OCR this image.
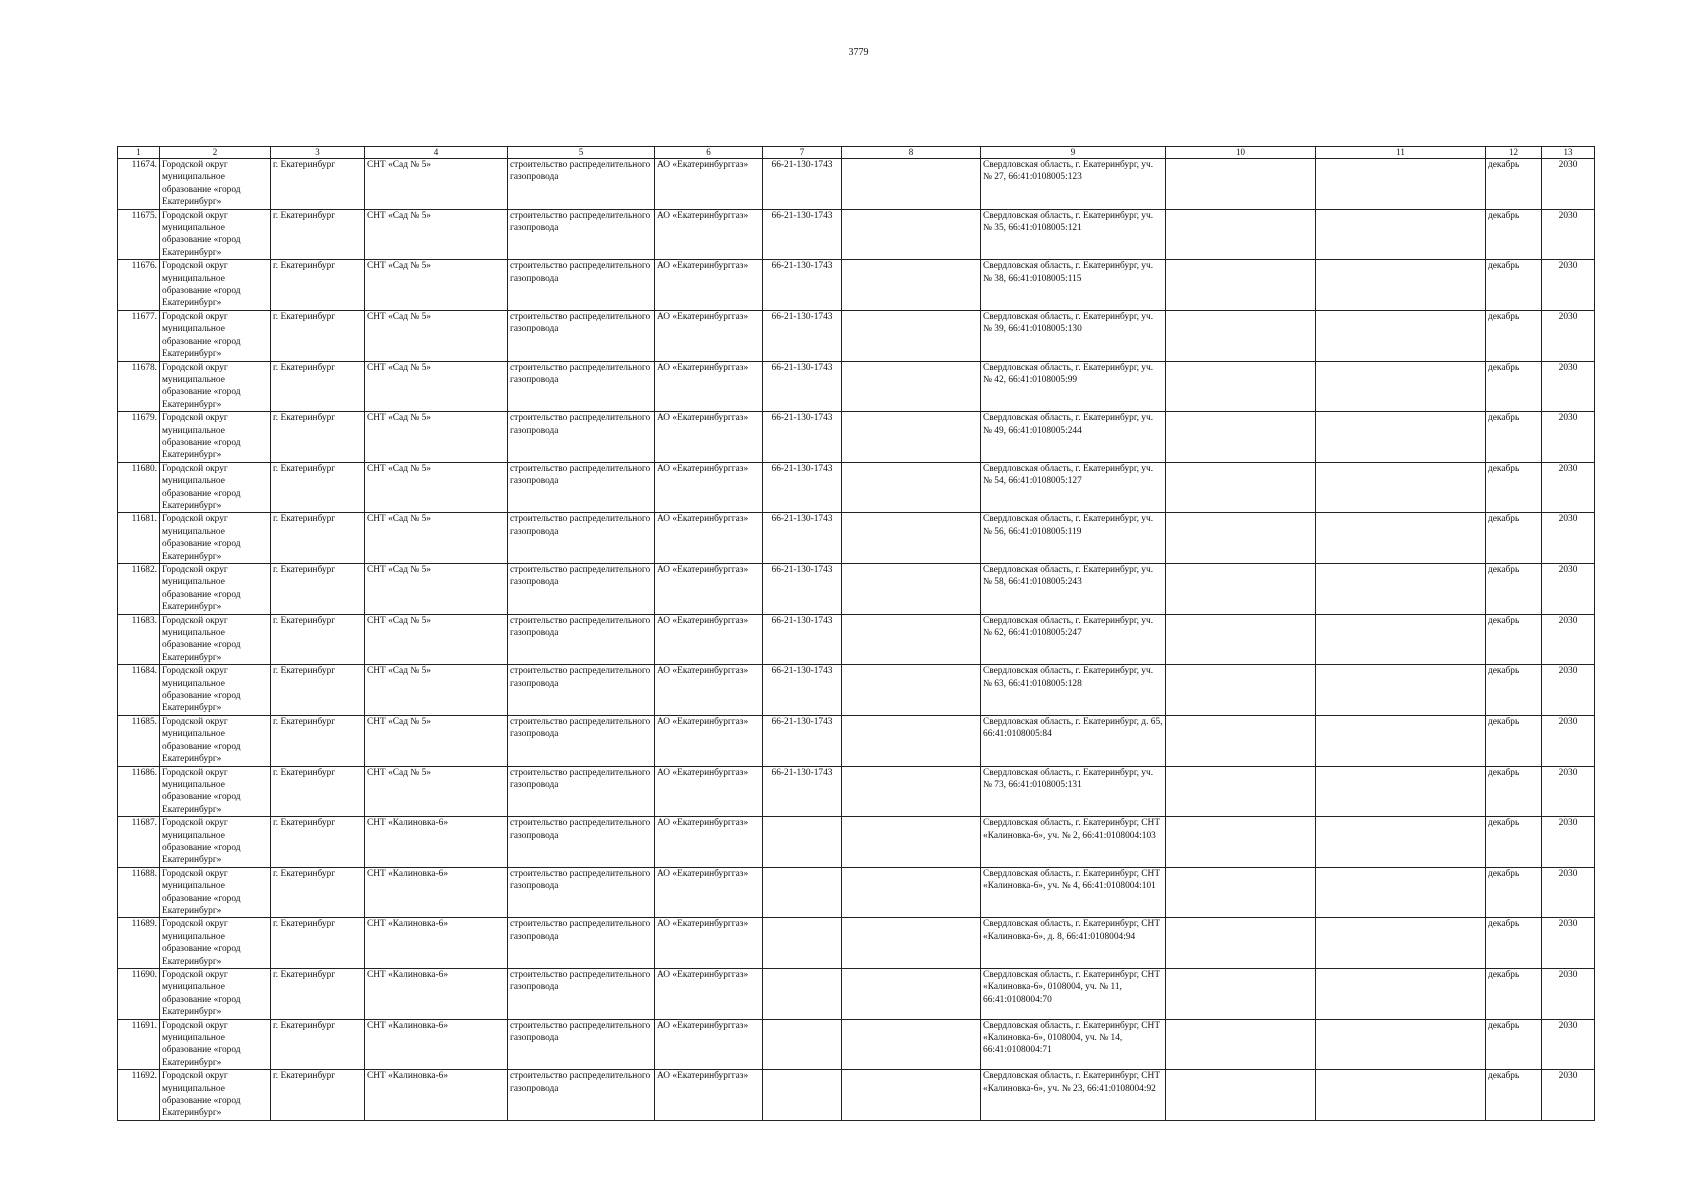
3779
1	2	3	4	5	6	7	8	9	10	11	12	13
11674.	Городской округ муниципальное образование «город Екатеринбург»	г. Екатеринбург	СНТ «Сад № 5»	строительство распределительного газопровода	АО «Екатеринбурггаз»	66-21-130-1743		Свердловская область, г. Екатеринбург, уч. № 27, 66:41:0108005:123			декабрь	2030
11675.	Городской округ муниципальное образование «город Екатеринбург»	г. Екатеринбург	СНТ «Сад № 5»	строительство распределительного газопровода	АО «Екатеринбурггаз»	66-21-130-1743		Свердловская область, г. Екатеринбург, уч. № 35, 66:41:0108005:121			декабрь	2030
11676.	Городской округ муниципальное образование «город Екатеринбург»	г. Екатеринбург	СНТ «Сад № 5»	строительство распределительного газопровода	АО «Екатеринбурггаз»	66-21-130-1743		Свердловская область, г. Екатеринбург, уч. № 38, 66:41:0108005:115			декабрь	2030
11677.	Городской округ муниципальное образование «город Екатеринбург»	г. Екатеринбург	СНТ «Сад № 5»	строительство распределительного газопровода	АО «Екатеринбурггаз»	66-21-130-1743		Свердловская область, г. Екатеринбург, уч. № 39, 66:41:0108005:130			декабрь	2030
11678.	Городской округ муниципальное образование «город Екатеринбург»	г. Екатеринбург	СНТ «Сад № 5»	строительство распределительного газопровода	АО «Екатеринбурггаз»	66-21-130-1743		Свердловская область, г. Екатеринбург, уч. № 42, 66:41:0108005:99			декабрь	2030
11679.	Городской округ муниципальное образование «город Екатеринбург»	г. Екатеринбург	СНТ «Сад № 5»	строительство распределительного газопровода	АО «Екатеринбурггаз»	66-21-130-1743		Свердловская область, г. Екатеринбург, уч. № 49, 66:41:0108005:244			декабрь	2030
11680.	Городской округ муниципальное образование «город Екатеринбург»	г. Екатеринбург	СНТ «Сад № 5»	строительство распределительного газопровода	АО «Екатеринбурггаз»	66-21-130-1743		Свердловская область, г. Екатеринбург, уч. № 54, 66:41:0108005:127			декабрь	2030
11681.	Городской округ муниципальное образование «город Екатеринбург»	г. Екатеринбург	СНТ «Сад № 5»	строительство распределительного газопровода	АО «Екатеринбурггаз»	66-21-130-1743		Свердловская область, г. Екатеринбург, уч. № 56, 66:41:0108005:119			декабрь	2030
11682.	Городской округ муниципальное образование «город Екатеринбург»	г. Екатеринбург	СНТ «Сад № 5»	строительство распределительного газопровода	АО «Екатеринбурггаз»	66-21-130-1743		Свердловская область, г. Екатеринбург, уч. № 58, 66:41:0108005:243			декабрь	2030
11683.	Городской округ муниципальное образование «город Екатеринбург»	г. Екатеринбург	СНТ «Сад № 5»	строительство распределительного газопровода	АО «Екатеринбурггаз»	66-21-130-1743		Свердловская область, г. Екатеринбург, уч. № 62, 66:41:0108005:247			декабрь	2030
11684.	Городской округ муниципальное образование «город Екатеринбург»	г. Екатеринбург	СНТ «Сад № 5»	строительство распределительного газопровода	АО «Екатеринбурггаз»	66-21-130-1743		Свердловская область, г. Екатеринбург, уч. № 63, 66:41:0108005:128			декабрь	2030
11685.	Городской округ муниципальное образование «город Екатеринбург»	г. Екатеринбург	СНТ «Сад № 5»	строительство распределительного газопровода	АО «Екатеринбурггаз»	66-21-130-1743		Свердловская область, г. Екатеринбург, д. 65, 66:41:0108005:84			декабрь	2030
11686.	Городской округ муниципальное образование «город Екатеринбург»	г. Екатеринбург	СНТ «Сад № 5»	строительство распределительного газопровода	АО «Екатеринбурггаз»	66-21-130-1743		Свердловская область, г. Екатеринбург, уч. № 73, 66:41:0108005:131			декабрь	2030
11687.	Городской округ муниципальное образование «город Екатеринбург»	г. Екатеринбург	СНТ «Калиновка-6»	строительство распределительного газопровода	АО «Екатеринбурггаз»			Свердловская область, г. Екатеринбург, СНТ «Калиновка-6», уч. № 2, 66:41:0108004:103			декабрь	2030
11688.	Городской округ муниципальное образование «город Екатеринбург»	г. Екатеринбург	СНТ «Калиновка-6»	строительство распределительного газопровода	АО «Екатеринбурггаз»			Свердловская область, г. Екатеринбург, СНТ «Калиновка-6», уч. № 4, 66:41:0108004:101			декабрь	2030
11689.	Городской округ муниципальное образование «город Екатеринбург»	г. Екатеринбург	СНТ «Калиновка-6»	строительство распределительного газопровода	АО «Екатеринбурггаз»			Свердловская область, г. Екатеринбург, СНТ «Калиновка-6», д. 8, 66:41:0108004:94			декабрь	2030
11690.	Городской округ муниципальное образование «город Екатеринбург»	г. Екатеринбург	СНТ «Калиновка-6»	строительство распределительного газопровода	АО «Екатеринбурггаз»			Свердловская область, г. Екатеринбург, СНТ «Калиновка-6», 0108004, уч. № 11, 66:41:0108004:70			декабрь	2030
11691.	Городской округ муниципальное образование «город Екатеринбург»	г. Екатеринбург	СНТ «Калиновка-6»	строительство распределительного газопровода	АО «Екатеринбурггаз»			Свердловская область, г. Екатеринбург, СНТ «Калиновка-6», 0108004, уч. № 14, 66:41:0108004:71			декабрь	2030
11692.	Городской округ муниципальное образование «город Екатеринбург»	г. Екатеринбург	СНТ «Калиновка-6»	строительство распределительного газопровода	АО «Екатеринбурггаз»			Свердловская область, г. Екатеринбург, СНТ «Калиновка-6», уч. № 23, 66:41:0108004:92			декабрь	2030
